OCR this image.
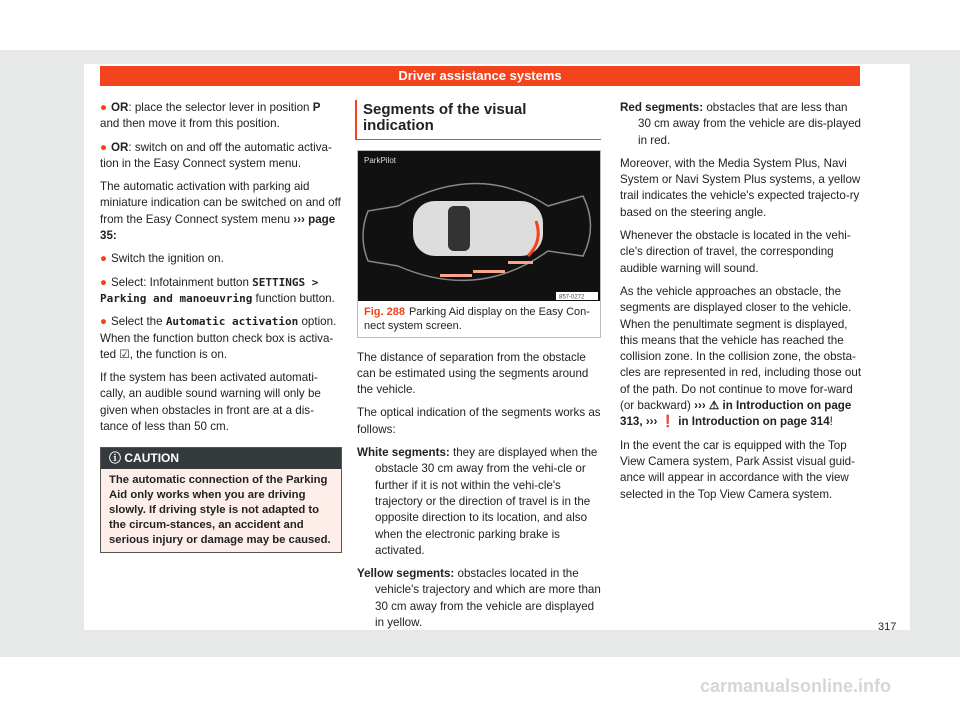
Driver assistance systems

● OR: place the selector lever in position P and then move it from this position.

● OR: switch on and off the automatic activa-tion in the Easy Connect system menu.

The automatic activation with parking aid miniature indication can be switched on and off from the Easy Connect system menu ››› page 35:

● Switch the ignition on.

● Select: Infotainment button SETTINGS > Parking and manoeuvring function button.

● Select the Automatic activation option. When the function button check box is activa-ted ☑, the function is on.

If the system has been activated automati-cally, an audible sound warning will only be given when obstacles in front are at a dis-tance of less than 50 cm.

ⓘ CAUTION
The automatic connection of the Parking Aid only works when you are driving slowly. If driving style is not adapted to the circum-stances, an accident and serious injury or damage may be caused.
Segments of the visual indication
ParkPilot
857-0272
Fig. 288 Parking Aid display on the Easy Con-nect system screen.

The distance of separation from the obstacle can be estimated using the segments around the vehicle.

The optical indication of the segments works as follows:

White segments: they are displayed when the obstacle 30 cm away from the vehi-cle or further if it is not within the vehi-cle's trajectory or the direction of travel is in the opposite direction to its location, and also when the electronic parking brake is activated.

Yellow segments: obstacles located in the vehicle's trajectory and which are more than 30 cm away from the vehicle are displayed in yellow.

Red segments: obstacles that are less than 30 cm away from the vehicle are dis-played in red.

Moreover, with the Media System Plus, Navi System or Navi System Plus systems, a yellow trail indicates the vehicle's expected trajecto-ry based on the steering angle.

Whenever the obstacle is located in the vehi-cle's direction of travel, the corresponding audible warning will sound.

As the vehicle approaches an obstacle, the segments are displayed closer to the vehicle. When the penultimate segment is displayed, this means that the vehicle has reached the collision zone. In the collision zone, the obsta-cles are represented in red, including those out of the path. Do not continue to move for-ward (or backward) ››› ⚠ in Introduction on page 313, ››› ❗ in Introduction on page 314!

In the event the car is equipped with the Top View Camera system, Park Assist visual guid-ance will appear in accordance with the view selected in the Top View Camera system.

317
carmanualsonline.info
